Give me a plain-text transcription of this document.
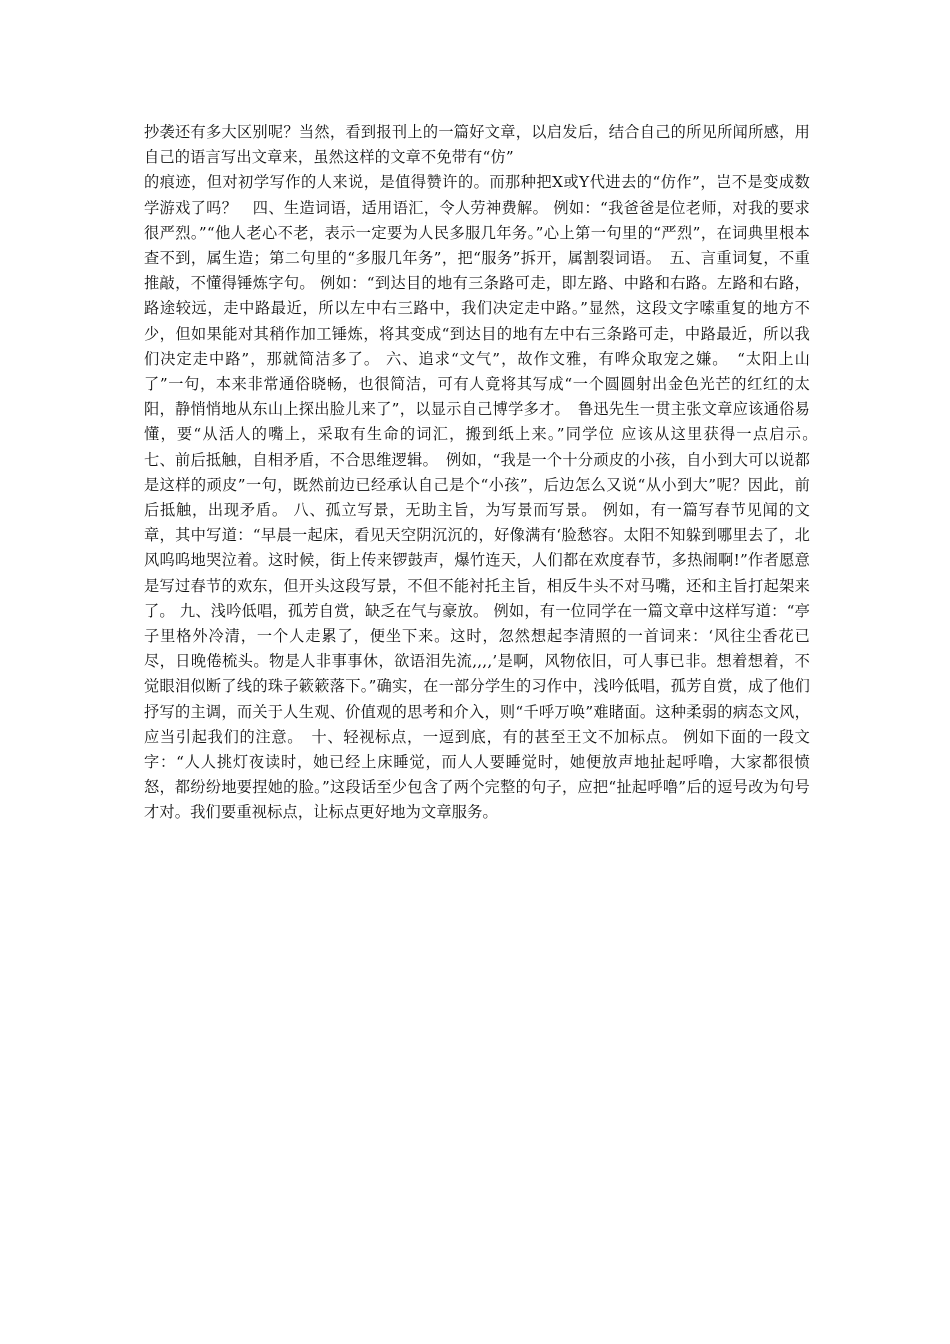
抄袭还有多大区别呢？当然，看到报刊上的一篇好文章，以启发后，结合自己的所见所闻所感，用自己的语言写出文章来，虽然这样的文章不免带有“仿”

的痕迹，但对初学写作的人来说，是值得赞许的。而那种把X或Y代进去的“仿作”，岂不是变成数学游戏了吗？　四、生造词语，适用语汇，令人劳神费解。 例如：“我爸爸是位老师，对我的要求很严烈。”“他人老心不老，表示一定要为人民多服几年务。”心上第一句里的“严烈”，在词典里根本查不到，属生造；第二句里的“多服几年务”，把“服务”拆开，属割裂词语。　五、言重词复，不重推敲，不懂得锤炼字句。 例如：“到达目的地有三条路可走，即左路、中路和右路。左路和右路，路途较远，走中路最近，所以左中右三路中，我们决定走中路。”显然，这段文字嗦重复的地方不少，但如果能对其稍作加工锤炼，将其变成“到达目的地有左中右三条路可走，中路最近，所以我们决定走中路”，那就简洁多了。 六、追求“文气”，故作文雅，有哗众取宠之嫌。　“太阳上山了”一句，本来非常通俗晓畅，也很简洁，可有人竟将其写成“一个圆圆射出金色光芒的红红的太阳，静悄悄地从东山上探出脸儿来了”，以显示自己博学多才。　鲁迅先生一贯主张文章应该通俗易懂，要“从活人的嘴上，采取有生命的词汇，搬到纸上来。”同学位 应该从这里获得一点启示。　七、前后抵触，自相矛盾，不合思维逻辑。　例如，“我是一个十分顽皮的小孩，自小到大可以说都是这样的顽皮”一句，既然前边已经承认自己是个“小孩”，后边怎么又说“从小到大”呢？因此，前后抵触，出现矛盾。 八、孤立写景，无助主旨，为写景而写景。 例如，有一篇写春节见闻的文章，其中写道：“早晨一起床，看见天空阴沉沉的，好像满有‘脸愁容。太阳不知躲到哪里去了，北风呜呜地哭泣着。这时候，街上传来锣鼓声，爆竹连天，人们都在欢度春节，多热闹啊!”作者愿意是写过春节的欢东，但开头这段写景，不但不能衬托主旨，相反牛头不对马嘴，还和主旨打起架来了。 九、浅吟低唱，孤芳自赏，缺乏在气与豪放。 例如，有一位同学在一篇文章中这样写道：“亭子里格外冷清，一个人走累了，便坐下来。这时，忽然想起李清照的一首词来：‘风往尘香花已尽，日晚倦梳头。物是人非事事休，欲语泪先流,,,,’是啊，风物依旧，可人事已非。想着想着，不觉眼泪似断了线的珠子簌簌落下。”确实，在一部分学生的习作中，浅吟低唱，孤芳自赏，成了他们抒写的主调，而关于人生观、价值观的思考和介入，则“千呼万唤”难睹面。这种柔弱的病态文风，应当引起我们的注意。　十、轻视标点，一逗到底，有的甚至王文不加标点。 例如下面的一段文字：“人人挑灯夜读时，她已经上床睡觉，而人人要睡觉时，她便放声地扯起呼噜，大家都很愤怒，都纷纷地要捏她的脸。”这段话至少包含了两个完整的句子，应把“扯起呼噜”后的逗号改为句号才对。我们要重视标点，让标点更好地为文章服务。
